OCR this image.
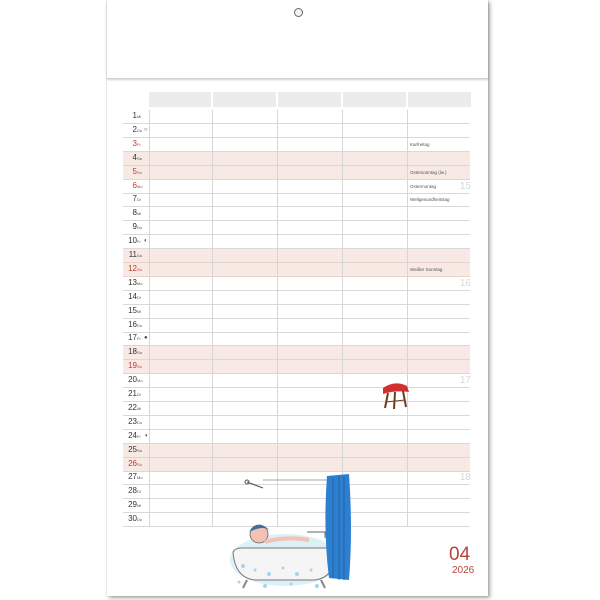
1 Mi
2 Do ○
3 Fr	Karfreitag
4 Sa
5 So	Ostersonntag (lw.)
6 Mo	Ostermontag
7 Di	Weltgesundheitstag
8 Mi
9 Do
10 Fr ◐
11 Sa
12 So	Weißer Sonntag
13 Mo
14 Di
15 Mi
16 Do
17 Fr ●
18 Sa
19 So
20 Mo
21 Di
22 Mi
23 Do
24 Fr ◑
25 Sa
26 So
27 Mo
28 Di
29 Mi
30 Do
15
16
17
18
04
2026
